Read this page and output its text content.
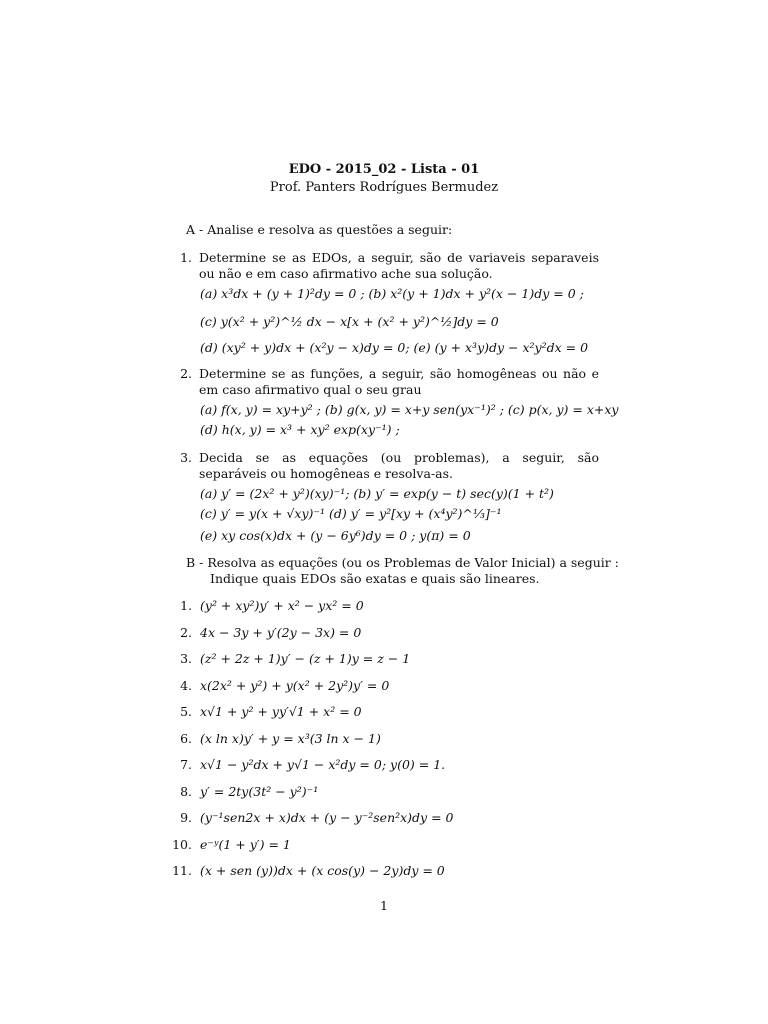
EDO - 2015_02 - Lista - 01
Prof. Panters Rodrígues Bermudez
A - Analise e resolva as questões a seguir:
1. Determine se as EDOs, a seguir, são de variaveis separaveis ou não e em caso afirmativo ache sua solução.
(a) x³dx + (y + 1)²dy = 0 ; (b) x²(y + 1)dx + y²(x − 1)dy = 0 ;
(c) y(x² + y²)^½ dx − x[x + (x² + y²)^½]dy = 0
(d) (xy² + y)dx + (x²y − x)dy = 0; (e) (y + x³y)dy − x²y²dx = 0
2. Determine se as funções, a seguir, são homogêneas ou não e em caso afirmativo qual o seu grau
(a) f(x, y) = xy+y² ; (b) g(x, y) = x+y sen(yx⁻¹)² ; (c) p(x, y) = x+xy
(d) h(x, y) = x³ + xy² exp(xy⁻¹) ;
3. Decida se as equações (ou problemas), a seguir, são separáveis ou homogêneas e resolva-as.
(a) y′ = (2x² + y²)(xy)⁻¹; (b) y′ = exp(y − t) sec(y)(1 + t²)
(c) y′ = y(x + √xy)⁻¹ (d) y′ = y²[xy + (x⁴y²)^⅓]⁻¹
(e) xy cos(x)dx + (y − 6y⁶)dy = 0 ; y(π) = 0
B - Resolva as equações (ou os Problemas de Valor Inicial) a seguir :
Indique quais EDOs são exatas e quais são lineares.
1. (y² + xy²)y′ + x² − yx² = 0
2. 4x − 3y + y′(2y − 3x) = 0
3. (z² + 2z + 1)y′ − (z + 1)y = z − 1
4. x(2x² + y²) + y(x² + 2y²)y′ = 0
5. x√1 + y² + yy′√1 + x² = 0
6. (x ln x)y′ + y = x³(3 ln x − 1)
7. x√1 − y²dx + y√1 − x²dy = 0; y(0) = 1.
8. y′ = 2ty(3t² − y²)⁻¹
9. (y⁻¹sen2x + x)dx + (y − y⁻²sen²x)dy = 0
10. e⁻ʸ(1 + y′) = 1
11. (x + sen (y))dx + (x cos(y) − 2y)dy = 0
1
